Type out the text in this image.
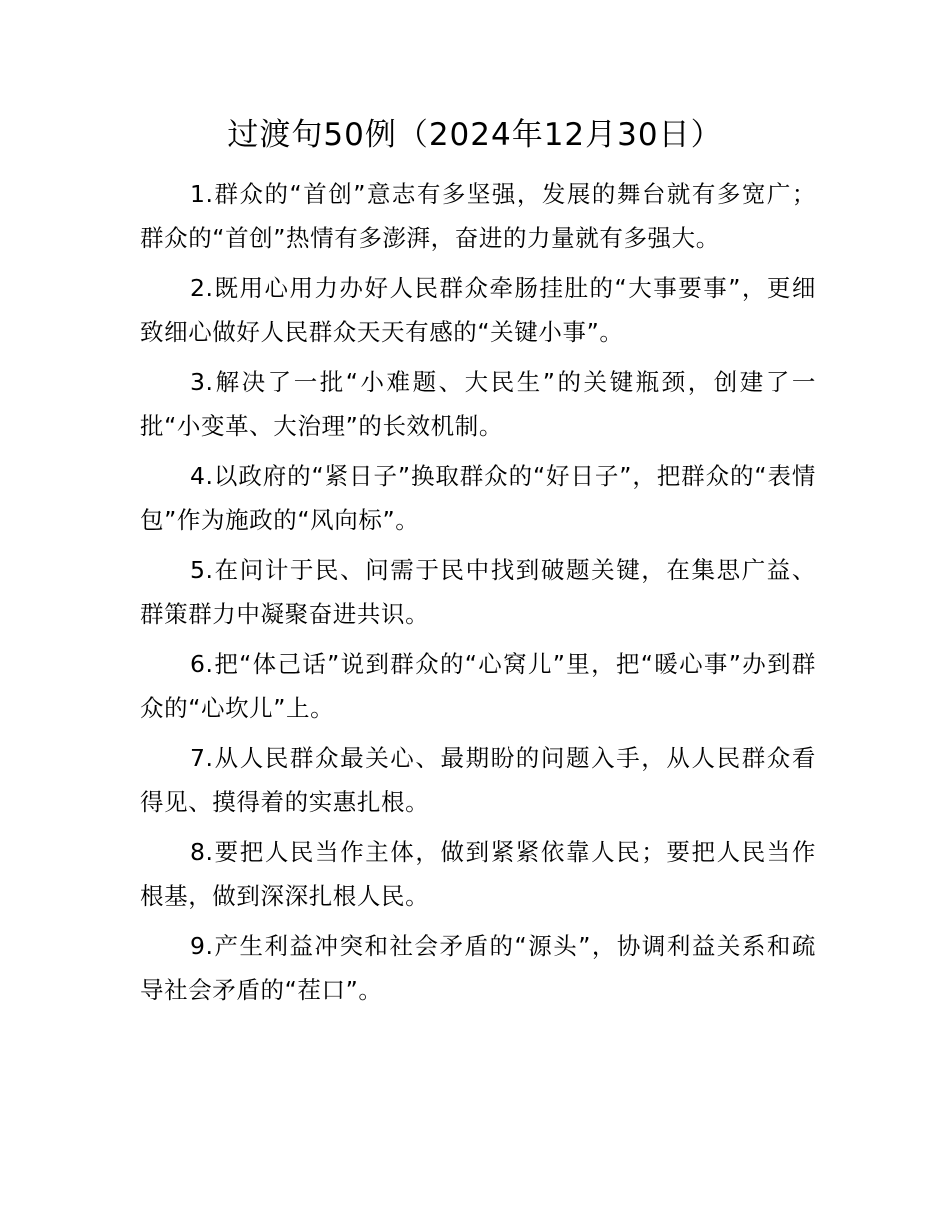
过渡句50例（2024年12月30日）

1.群众的“首创”意志有多坚强，发展的舞台就有多宽广；群众的“首创”热情有多澎湃，奋进的力量就有多强大。

2.既用心用力办好人民群众牵肠挂肚的“大事要事”，更细致细心做好人民群众天天有感的“关键小事”。

3.解决了一批“小难题、大民生”的关键瓶颈，创建了一批“小变革、大治理”的长效机制。

4.以政府的“紧日子”换取群众的“好日子”，把群众的“表情包”作为施政的“风向标”。

5.在问计于民、问需于民中找到破题关键，在集思广益、群策群力中凝聚奋进共识。

6.把“体己话”说到群众的“心窝儿”里，把“暖心事”办到群众的“心坎儿”上。

7.从人民群众最关心、最期盼的问题入手，从人民群众看得见、摸得着的实惠扎根。

8.要把人民当作主体，做到紧紧依靠人民；要把人民当作根基，做到深深扎根人民。

9.产生利益冲突和社会矛盾的“源头”，协调利益关系和疏导社会矛盾的“茬口”。
